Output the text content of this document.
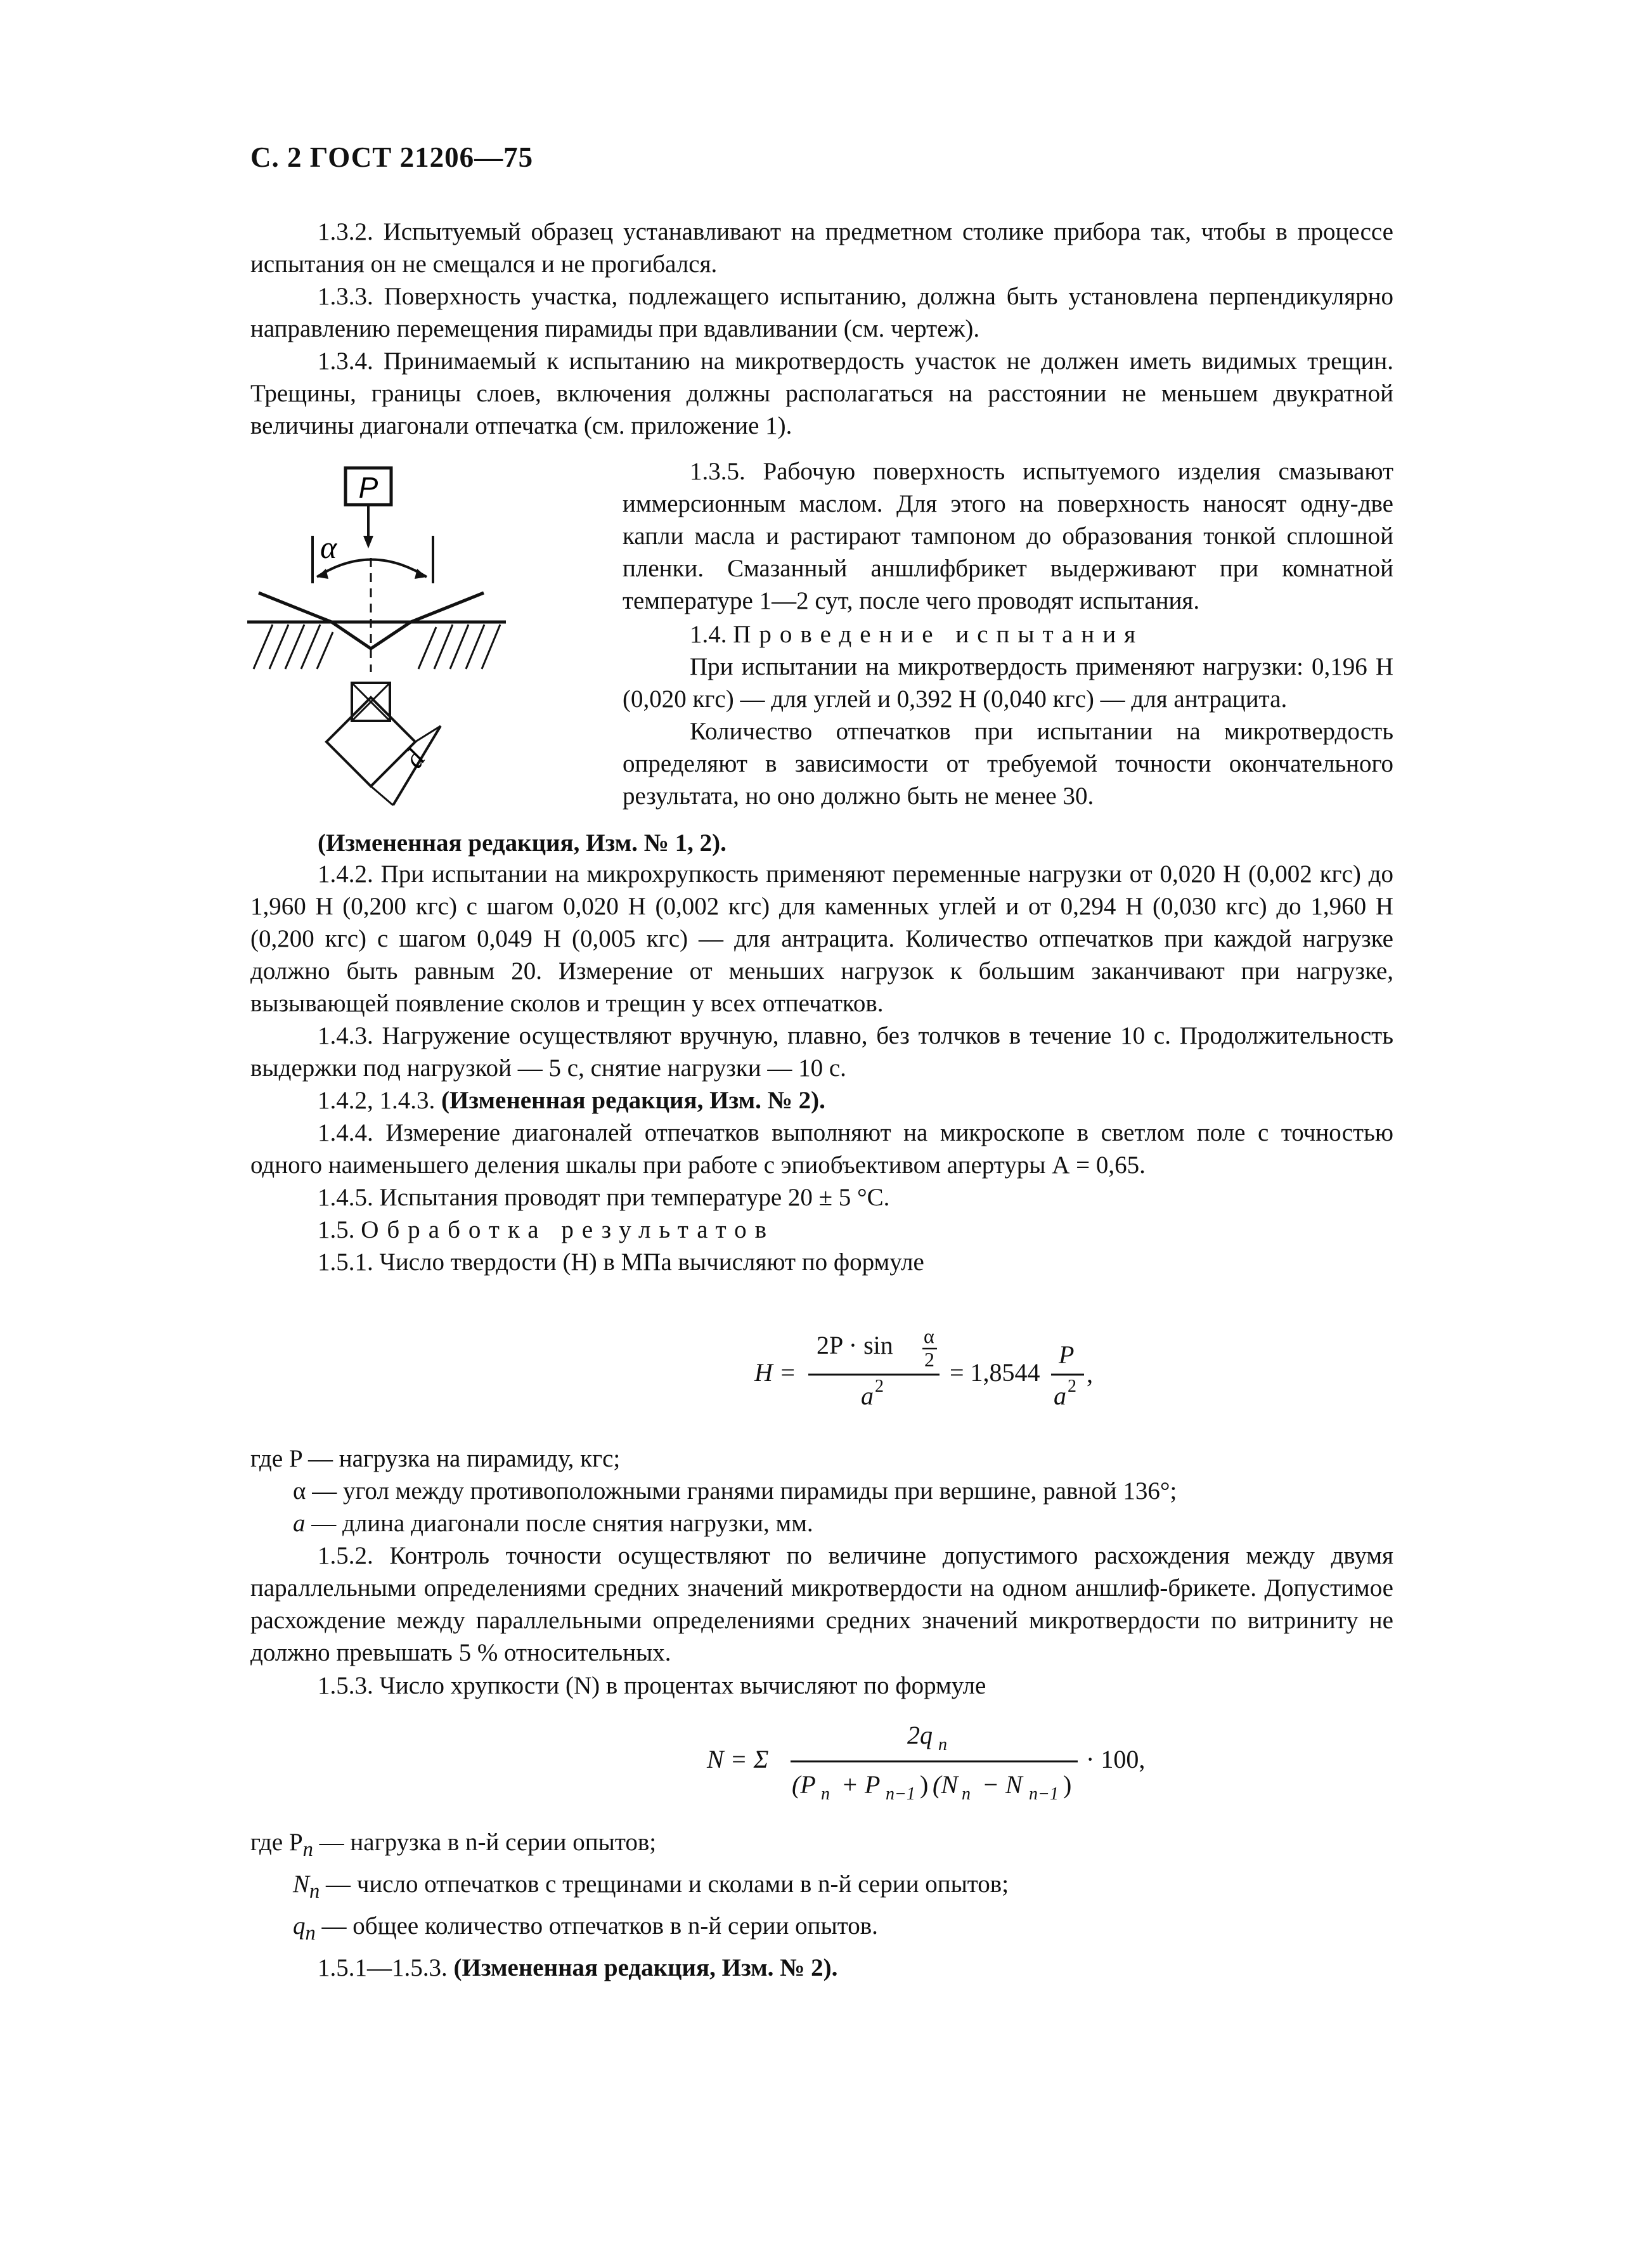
С. 2 ГОСТ 21206—75

1.3.2. Испытуемый образец устанавливают на предметном столике прибора так, чтобы в процессе испытания он не смещался и не прогибался.

1.3.3. Поверхность участка, подлежащего испытанию, должна быть установлена перпендикулярно направлению перемещения пирамиды при вдавливании (см. чертеж).

1.3.4. Принимаемый к испытанию на микротвердость участок не должен иметь видимых трещин. Трещины, границы слоев, включения должны располагаться на расстоянии не меньшем двукратной величины диагонали отпечатка (см. приложение 1).

P
α
d

1.3.5. Рабочую поверхность испытуемого изделия смазывают иммерсионным маслом. Для этого на поверхность наносят одну-две капли масла и растирают тампоном до образования тонкой сплошной пленки. Смазанный аншлифбрикет выдерживают при комнатной температуре 1—2 сут, после чего проводят испытания.

1.4. Проведение испытания

При испытании на микротвердость применяют нагрузки: 0,196 Н (0,020 кгс) — для углей и 0,392 Н (0,040 кгс) — для антрацита.

Количество отпечатков при испытании на микротвердость определяют в зависимости от требуемой точности окончательного результата, но оно должно быть не менее 30.

(Измененная редакция, Изм. № 1, 2).

1.4.2. При испытании на микрохрупкость применяют переменные нагрузки от 0,020 Н (0,002 кгс) до 1,960 Н (0,200 кгс) с шагом 0,020 Н (0,002 кгс) для каменных углей и от 0,294 Н (0,030 кгс) до 1,960 Н (0,200 кгс) с шагом 0,049 Н (0,005 кгс) — для антрацита. Количество отпечатков при каждой нагрузке должно быть равным 20. Измерение от меньших нагрузок к большим заканчивают при нагрузке, вызывающей появление сколов и трещин у всех отпечатков.

1.4.3. Нагружение осуществляют вручную, плавно, без толчков в течение 10 с. Продолжительность выдержки под нагрузкой — 5 с, снятие нагрузки — 10 с.

1.4.2, 1.4.3. (Измененная редакция, Изм. № 2).

1.4.4. Измерение диагоналей отпечатков выполняют на микроскопе в светлом поле с точностью одного наименьшего деления шкалы при работе с эпиобъективом апертуры А = 0,65.

1.4.5. Испытания проводят при температуре 20 ± 5 °С.

1.5. Обработка результатов

1.5.1. Число твердости (H) в МПа вычисляют по формуле

H =
2P · sin α
2
a 2	= 1,8544
P
a 2 ,
где P — нагрузка на пирамиду, кгс;
α — угол между противоположными гранями пирамиды при вершине, равной 136°;
a — длина диагонали после снятия нагрузки, мм.

1.5.2. Контроль точности осуществляют по величине допустимого расхождения между двумя параллельными определениями средних значений микротвердости на одном аншлиф-брикете. Допустимое расхождение между параллельными определениями средних значений микротвердости по витриниту не должно превышать 5 % относительных.

1.5.3. Число хрупкости (N) в процентах вычисляют по формуле

N = Σ
2q n
(P n + P n−1 ) (N n − N n−1 )
· 100,
где $P_n$ — нагрузка в n-й серии опытов;
$N_n$ — число отпечатков с трещинами и сколами в n-й серии опытов;
$q_n$ — общее количество отпечатков в n-й серии опытов.

1.5.1—1.5.3. (Измененная редакция, Изм. № 2).
